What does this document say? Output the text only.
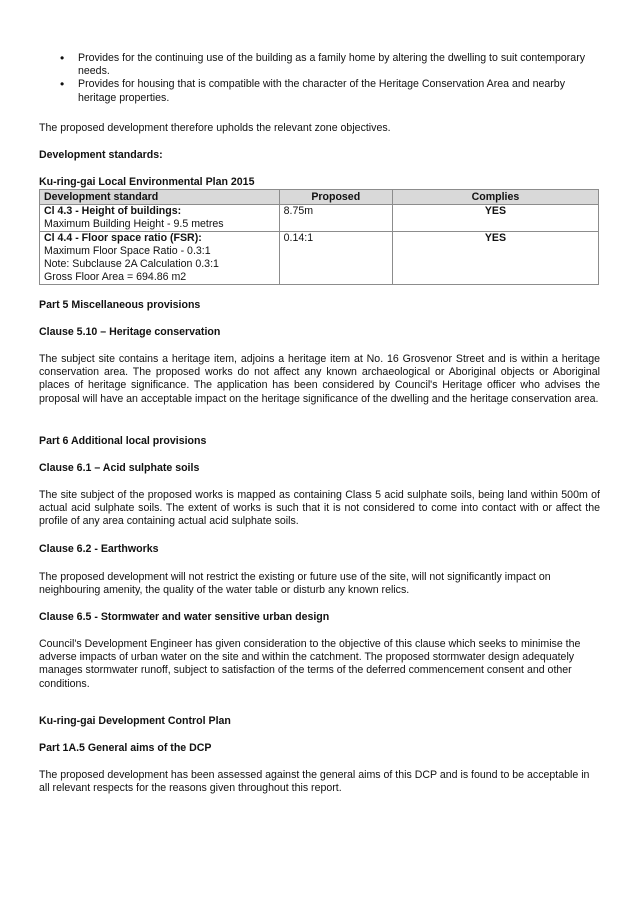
• Provides for the continuing use of the building as a family home by altering the dwelling to suit contemporary needs.
• Provides for housing that is compatible with the character of the Heritage Conservation Area and nearby heritage properties.

The proposed development therefore upholds the relevant zone objectives.

Development standards:

Ku-ring-gai Local Environmental Plan 2015
Development standard	Proposed	Complies

Cl 4.3 - Height of buildings:
Maximum Building Height - 9.5 metres	8.75m	YES

Cl 4.4 - Floor space ratio (FSR):
Maximum Floor Space Ratio - 0.3:1
Note: Subclause 2A Calculation 0.3:1
Gross Floor Area = 694.86 m2	0.14:1	YES

Part 5 Miscellaneous provisions

Clause 5.10 – Heritage conservation

The subject site contains a heritage item, adjoins a heritage item at No. 16 Grosvenor Street and is within a heritage conservation area. The proposed works do not affect any known archaeological or Aboriginal objects or Aboriginal places of heritage significance. The application has been considered by Council's Heritage officer who advises the proposal will have an acceptable impact on the heritage significance of the dwelling and the heritage conservation area.

Part 6 Additional local provisions

Clause 6.1 – Acid sulphate soils

The site subject of the proposed works is mapped as containing Class 5 acid sulphate soils, being land within 500m of actual acid sulphate soils. The extent of works is such that it is not considered to come into contact with or affect the profile of any area containing actual acid sulphate soils.

Clause 6.2 - Earthworks

The proposed development will not restrict the existing or future use of the site, will not significantly impact on neighbouring amenity, the quality of the water table or disturb any known relics.

Clause 6.5 - Stormwater and water sensitive urban design

Council's Development Engineer has given consideration to the objective of this clause which seeks to minimise the adverse impacts of urban water on the site and within the catchment. The proposed stormwater design adequately manages stormwater runoff, subject to satisfaction of the terms of the deferred commencement consent and other conditions.

Ku-ring-gai Development Control Plan

Part 1A.5 General aims of the DCP

The proposed development has been assessed against the general aims of this DCP and is found to be acceptable in all relevant respects for the reasons given throughout this report.
